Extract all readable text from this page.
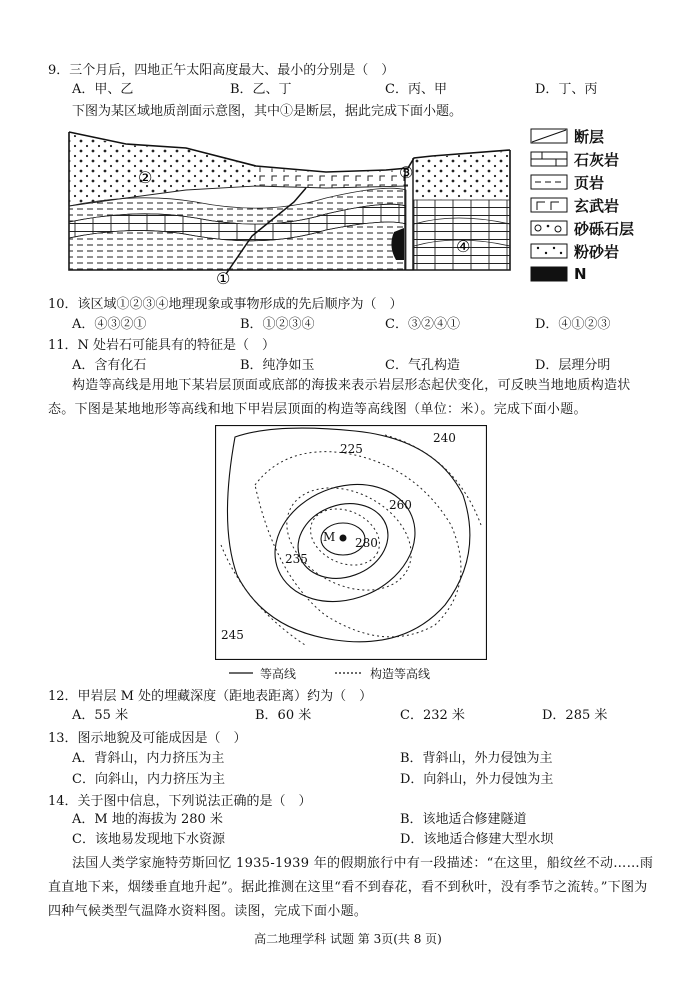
9．三个月后，四地正午太阳高度最大、最小的分别是（　）
A．甲、乙	B．乙、丁	C．丙、甲	D．丁、丙
下图为某区域地质剖面示意图，其中①是断层，据此完成下面小题。
②	③
④
①
断层
石灰岩
页岩
玄武岩
砂砾石层
粉砂岩
N
10．该区域①②③④地理现象或事物形成的先后顺序为（　）
A．④③②①	B．①②③④	C．③②④①	D．④①②③
11．N 处岩石可能具有的特征是（　）
A．含有化石	B．纯净如玉	C．气孔构造	D．层理分明
构造等高线是用地下某岩层顶面或底部的海拔来表示岩层形态起伏变化，可反映当地地质构造状态。下图是某地地形等高线和地下甲岩层顶面的构造等高线图（单位：米）。完成下面小题。
225
240
260
280
235
245
M
等高线	构造等高线
12．甲岩层 M 处的埋藏深度（距地表距离）约为（　）
A．55 米	B．60 米	C．232 米	D．285 米
13．图示地貌及可能成因是（　）
A．背斜山，内力挤压为主	B．背斜山，外力侵蚀为主
C．向斜山，内力挤压为主	D．向斜山，外力侵蚀为主
14．关于图中信息，下列说法正确的是（　）
A．M 地的海拔为 280 米	B．该地适合修建隧道
C．该地易发现地下水资源	D．该地适合修建大型水坝
法国人类学家施特劳斯回忆 1935-1939 年的假期旅行中有一段描述：“在这里，船纹丝不动……雨直直地下来，烟缕垂直地升起”。据此推测在这里“看不到春花，看不到秋叶，没有季节之流转。”下图为四种气候类型气温降水资料图。读图，完成下面小题。
高二地理学科 试题 第 3页(共 8 页)
